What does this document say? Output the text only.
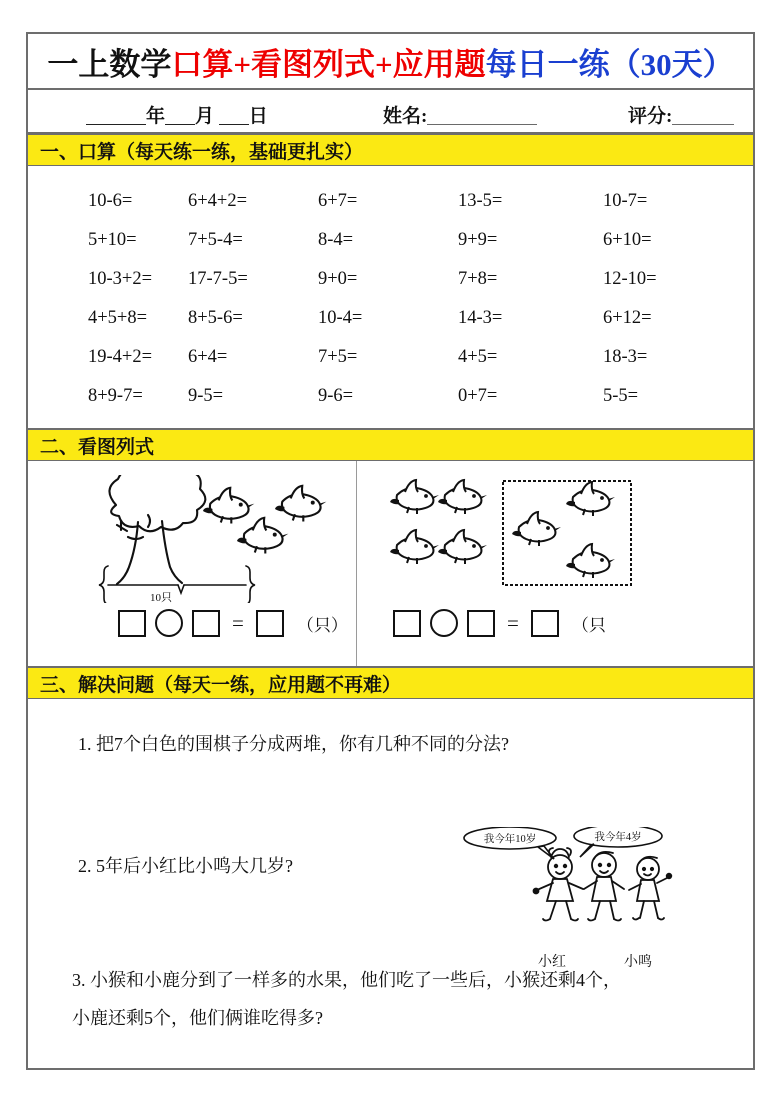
一上数学口算+看图列式+应用题每日一练（30天）
年 月 日	姓名:	评分:
一、口算（每天练一练，基础更扎实）
10-6=	6+4+2=	6+7=	13-5=	10-7=
5+10=	7+5-4=	8-4=	9+9=	6+10=
10-3+2=	17-7-5=	9+0=	7+8=	12-10=
4+5+8=	8+5-6=	10-4=	14-3=	6+12=
19-4+2=	6+4=	7+5=	4+5=	18-3=
8+9-7=	9-5=	9-6=	0+7=	5-5=
二、看图列式
10只
=	（只）	=	（只
三、解决问题（每天一练，应用题不再难）
1. 把7个白色的围棋子分成两堆，你有几种不同的分法?
2. 5年后小红比小鸣大几岁?
3. 小猴和小鹿分到了一样多的水果，他们吃了一些后，小猴还剩4个，
小鹿还剩5个，他们俩谁吃得多?
我今年10岁	我今年4岁
小红	小鸣
